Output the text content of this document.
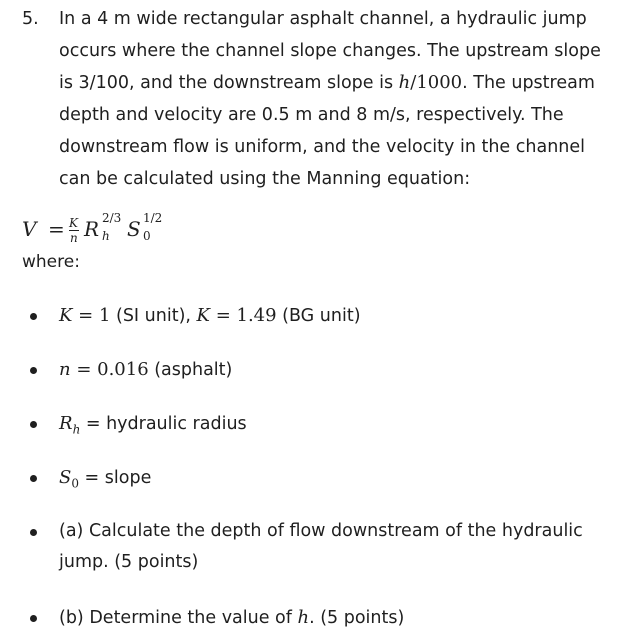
5. In a 4 m wide rectangular asphalt channel, a hydraulic jump occurs where the channel slope changes. The upstream slope is 3/100, and the downstream slope is h/1000. The upstream depth and velocity are 0.5 m and 8 m/s, respectively. The downstream flow is uniform, and the velocity in the channel can be calculated using the Manning equation:
V = K
n R 2/3
h S 1/2
0
where:
K = 1 (SI unit), K = 1.49 (BG unit)
n = 0.016 (asphalt)
$R_h$ = hydraulic radius
$S_0$ = slope
(a) Calculate the depth of flow downstream of the hydraulic jump. (5 points)
(b) Determine the value of h. (5 points)
